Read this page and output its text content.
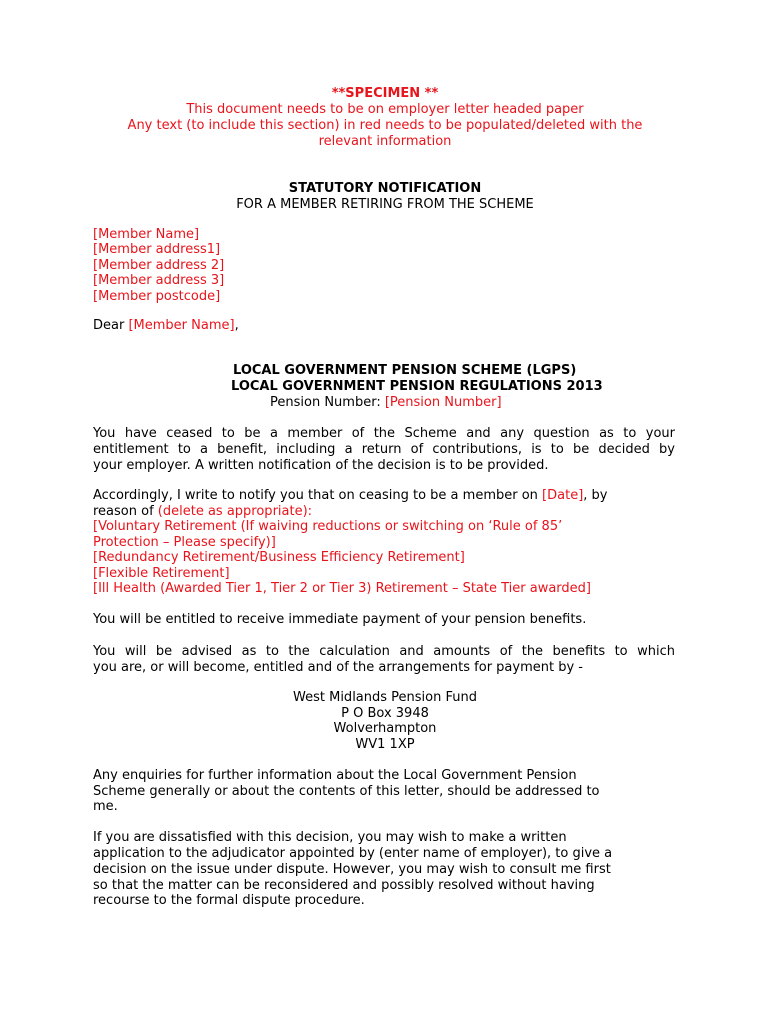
**SPECIMEN **
This document needs to be on employer letter headed paper
Any text (to include this section) in red needs to be populated/deleted with the
relevant information
STATUTORY NOTIFICATION
FOR A MEMBER RETIRING FROM THE SCHEME
[Member Name]
[Member address1]
[Member address 2]
[Member address 3]
[Member postcode]
Dear [Member Name],
LOCAL GOVERNMENT PENSION SCHEME (LGPS)
LOCAL GOVERNMENT PENSION REGULATIONS 2013
Pension Number: [Pension Number]
You have ceased to be a member of the Scheme and any question as to your
entitlement to a benefit, including a return of contributions, is to be decided by
your employer. A written notification of the decision is to be provided.
Accordingly, I write to notify you that on ceasing to be a member on [Date], by
reason of (delete as appropriate):
[Voluntary Retirement (If waiving reductions or switching on ‘Rule of 85’
Protection – Please specify)]
[Redundancy Retirement/Business Efficiency Retirement]
[Flexible Retirement]
[Ill Health (Awarded Tier 1, Tier 2 or Tier 3) Retirement – State Tier awarded]
You will be entitled to receive immediate payment of your pension benefits.
You will be advised as to the calculation and amounts of the benefits to which
you are, or will become, entitled and of the arrangements for payment by -
West Midlands Pension Fund
P O Box 3948
Wolverhampton
WV1 1XP
Any enquiries for further information about the Local Government Pension
Scheme generally or about the contents of this letter, should be addressed to
me.
If you are dissatisfied with this decision, you may wish to make a written
application to the adjudicator appointed by (enter name of employer), to give a
decision on the issue under dispute. However, you may wish to consult me first
so that the matter can be reconsidered and possibly resolved without having
recourse to the formal dispute procedure.
